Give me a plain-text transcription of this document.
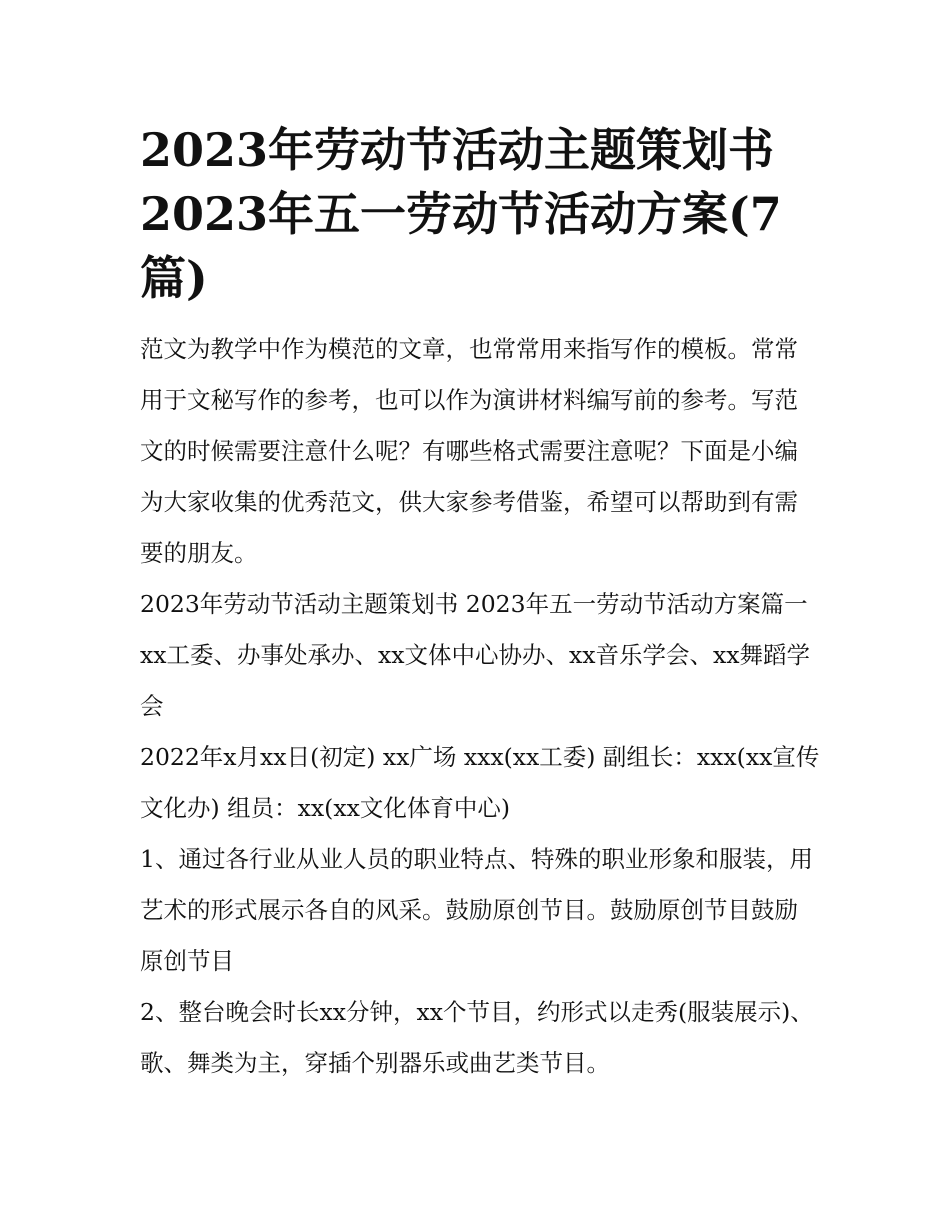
2023年劳动节活动主题策划书 2023年五一劳动节活动方案(7篇)

范文为教学中作为模范的文章，也常常用来指写作的模板。常常用于文秘写作的参考，也可以作为演讲材料编写前的参考。写范文的时候需要注意什么呢？有哪些格式需要注意呢？下面是小编为大家收集的优秀范文，供大家参考借鉴，希望可以帮助到有需要的朋友。

2023年劳动节活动主题策划书 2023年五一劳动节活动方案篇一 xx工委、办事处承办、xx文体中心协办、xx音乐学会、xx舞蹈学会

2022年x月xx日(初定) xx广场 xxx(xx工委) 副组长：xxx(xx宣传文化办) 组员：xx(xx文化体育中心)

1、通过各行业从业人员的职业特点、特殊的职业形象和服装，用艺术的形式展示各自的风采。鼓励原创节目。鼓励原创节目鼓励原创节目

2、整台晚会时长xx分钟，xx个节目，约形式以走秀(服装展示)、歌、舞类为主，穿插个别器乐或曲艺类节目。
